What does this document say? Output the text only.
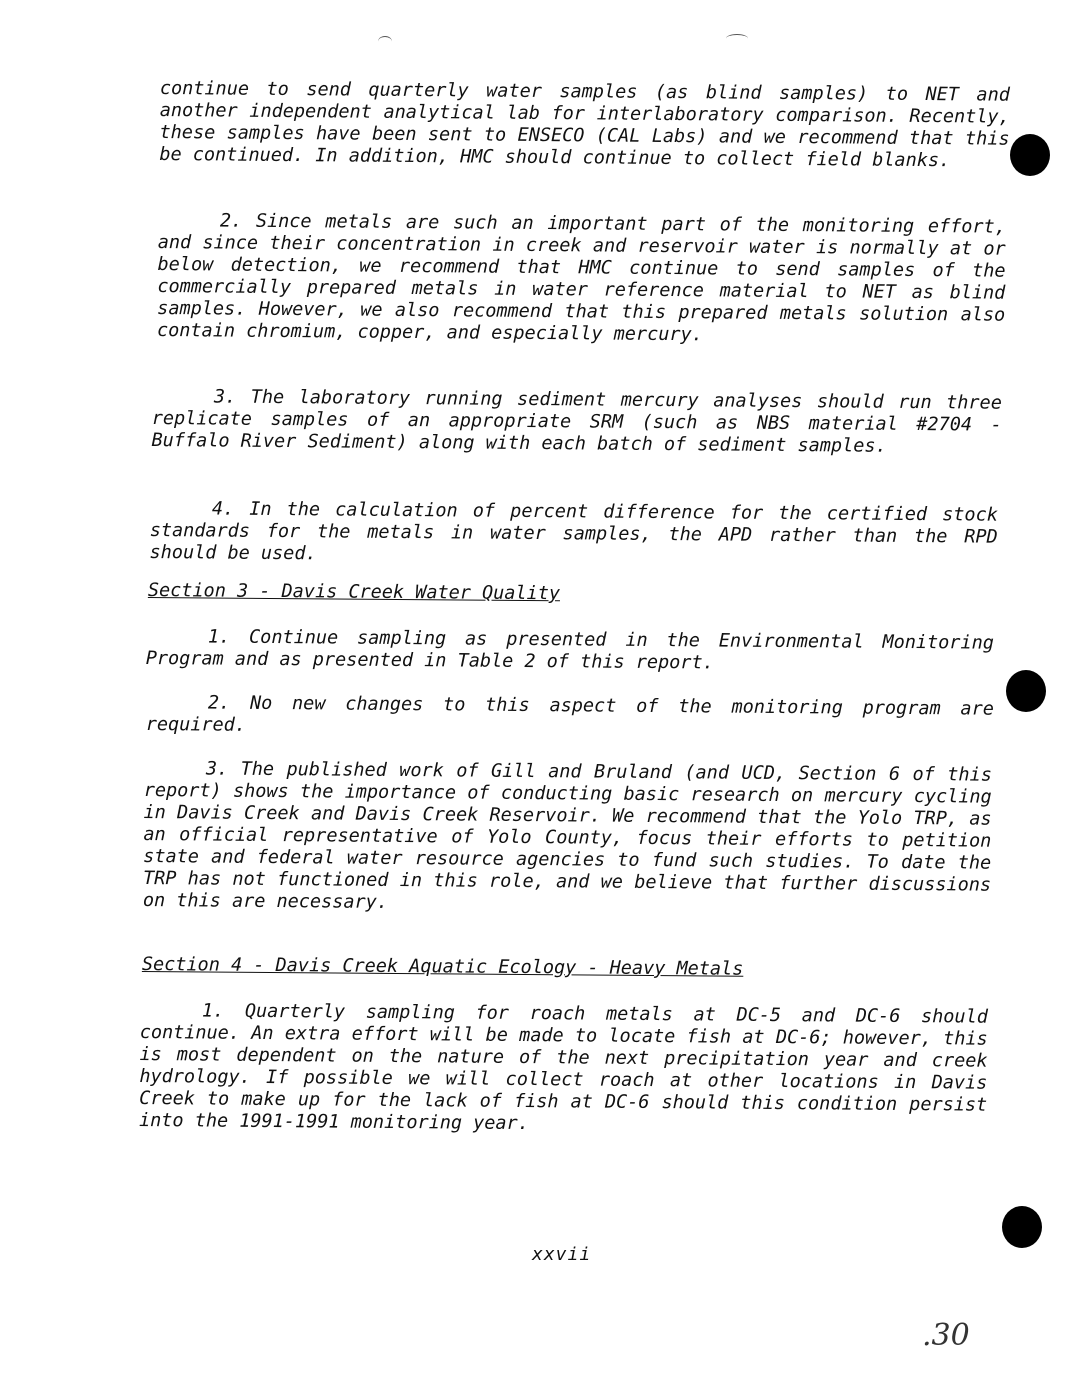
continue to send quarterly water samples (as blind samples) to NET and another independent analytical lab for interlaboratory comparison. Recently, these samples have been sent to ENSECO (CAL Labs) and we recommend that this be continued. In addition, HMC should continue to collect field blanks.
2. Since metals are such an important part of the monitoring effort, and since their concentration in creek and reservoir water is normally at or below detection, we recommend that HMC continue to send samples of the commercially prepared metals in water reference material to NET as blind samples. However, we also recommend that this prepared metals solution also contain chromium, copper, and especially mercury.
3. The laboratory running sediment mercury analyses should run three replicate samples of an appropriate SRM (such as NBS material #2704 - Buffalo River Sediment) along with each batch of sediment samples.
4. In the calculation of percent difference for the certified stock standards for the metals in water samples, the APD rather than the RPD should be used.
Section 3 - Davis Creek Water Quality
1. Continue sampling as presented in the Environmental Monitoring Program and as presented in Table 2 of this report.
2. No new changes to this aspect of the monitoring program are required.
3. The published work of Gill and Bruland (and UCD, Section 6 of this report) shows the importance of conducting basic research on mercury cycling in Davis Creek and Davis Creek Reservoir. We recommend that the Yolo TRP, as an official representative of Yolo County, focus their efforts to petition state and federal water resource agencies to fund such studies. To date the TRP has not functioned in this role, and we believe that further discussions on this are necessary.
Section 4 - Davis Creek Aquatic Ecology - Heavy Metals
1. Quarterly sampling for roach metals at DC-5 and DC-6 should continue. An extra effort will be made to locate fish at DC-6; however, this is most dependent on the nature of the next precipitation year and creek hydrology. If possible we will collect roach at other locations in Davis Creek to make up for the lack of fish at DC-6 should this condition persist into the 1991-1991 monitoring year.
xxvii
.30
